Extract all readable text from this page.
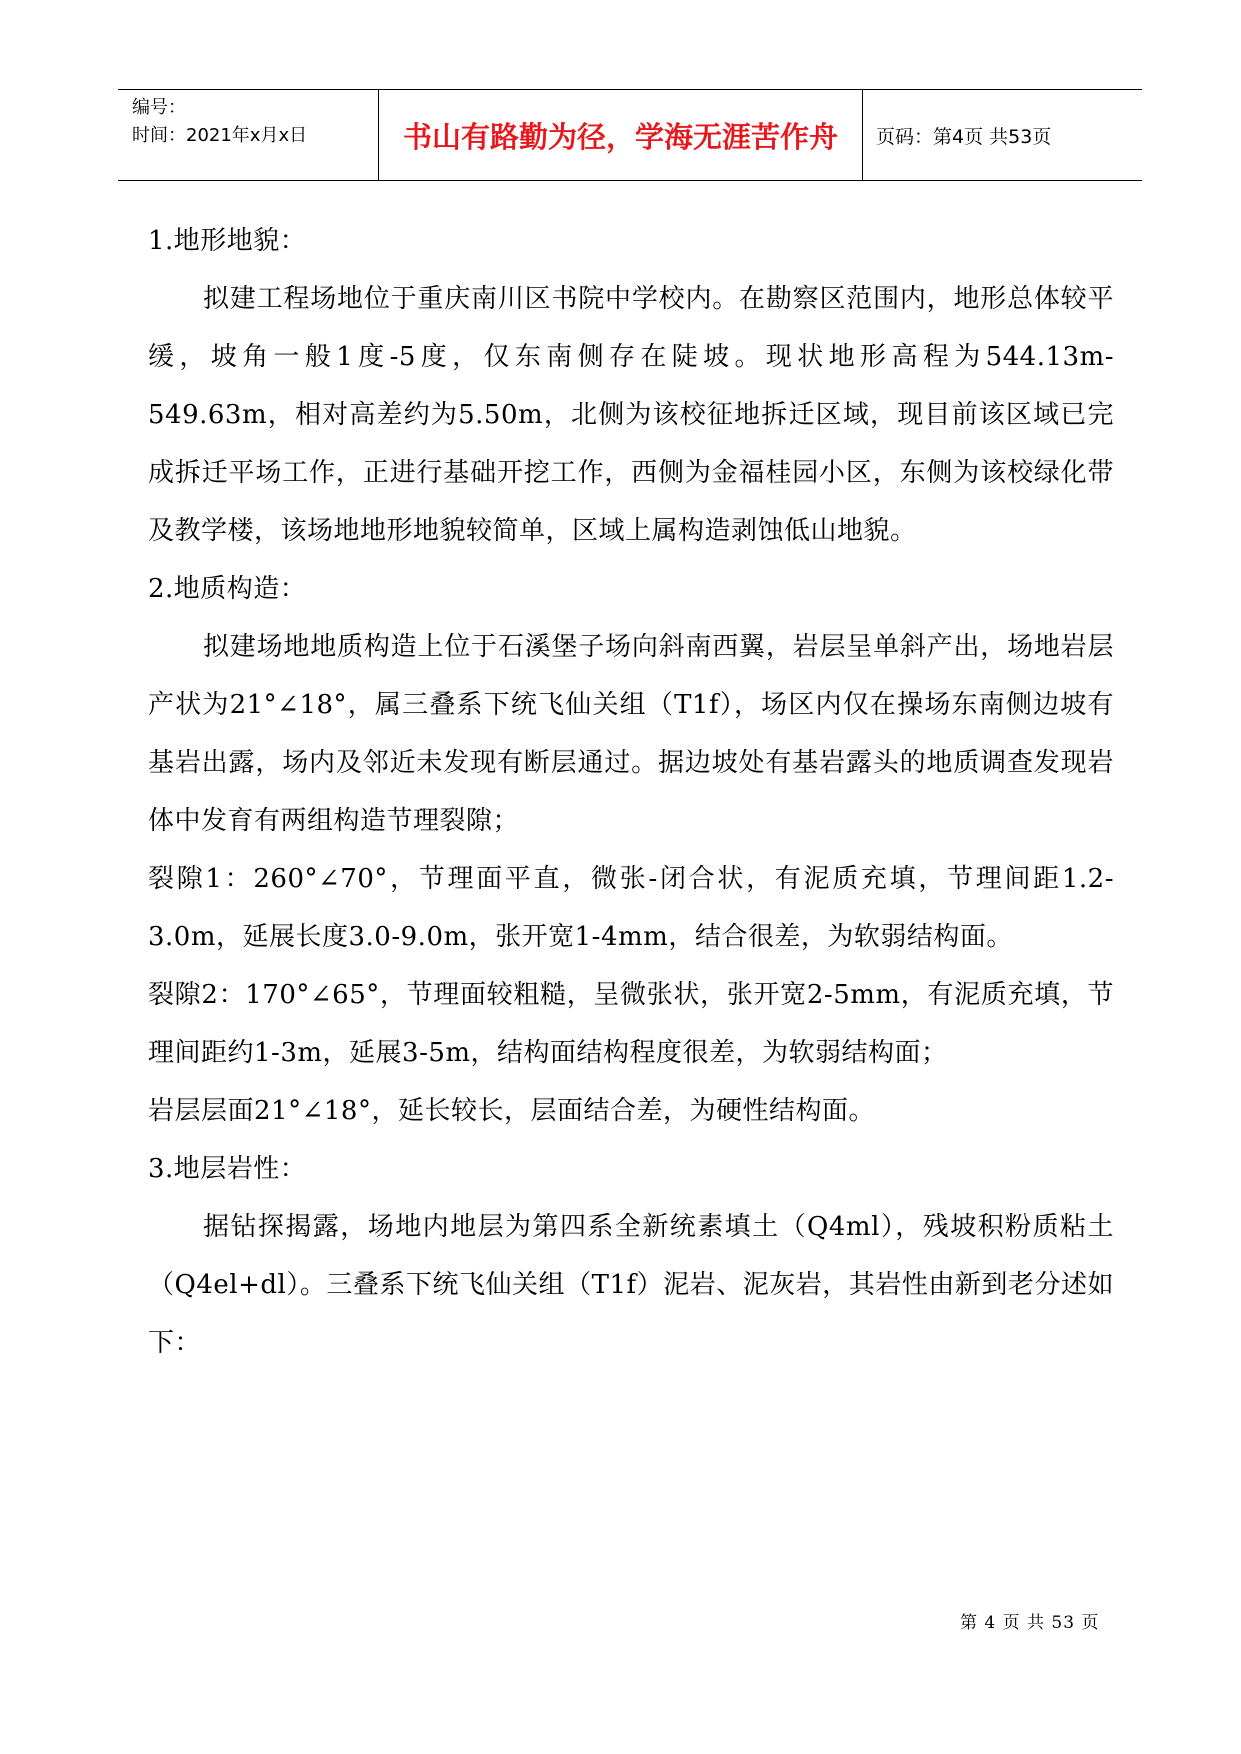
编号：
时间：2021年x月x日	书山有路勤为径，学海无涯苦作舟	页码：第4页 共53页

1.地形地貌：

拟建工程场地位于重庆南川区书院中学校内。在勘察区范围内，地形总体较平缓，坡角一般1度-5度，仅东南侧存在陡坡。现状地形高程为544.13m-549.63m，相对高差约为5.50m，北侧为该校征地拆迁区域，现目前该区域已完成拆迁平场工作，正进行基础开挖工作，西侧为金福桂园小区，东侧为该校绿化带及教学楼，该场地地形地貌较简单，区域上属构造剥蚀低山地貌。

2.地质构造：

拟建场地地质构造上位于石溪堡子场向斜南西翼，岩层呈单斜产出，场地岩层产状为21°∠18°，属三叠系下统飞仙关组（T1f），场区内仅在操场东南侧边坡有基岩出露，场内及邻近未发现有断层通过。据边坡处有基岩露头的地质调查发现岩体中发育有两组构造节理裂隙；

裂隙1：260°∠70°，节理面平直，微张-闭合状，有泥质充填，节理间距1.2-3.0m，延展长度3.0-9.0m，张开宽1-4mm，结合很差，为软弱结构面。

裂隙2：170°∠65°，节理面较粗糙，呈微张状，张开宽2-5mm，有泥质充填，节理间距约1-3m，延展3-5m，结构面结构程度很差，为软弱结构面；

岩层层面21°∠18°，延长较长，层面结合差，为硬性结构面。

3.地层岩性：

据钻探揭露，场地内地层为第四系全新统素填土（Q4ml），残坡积粉质粘土（Q4el+dl）。三叠系下统飞仙关组（T1f）泥岩、泥灰岩，其岩性由新到老分述如下：

第 4 页 共 53 页
